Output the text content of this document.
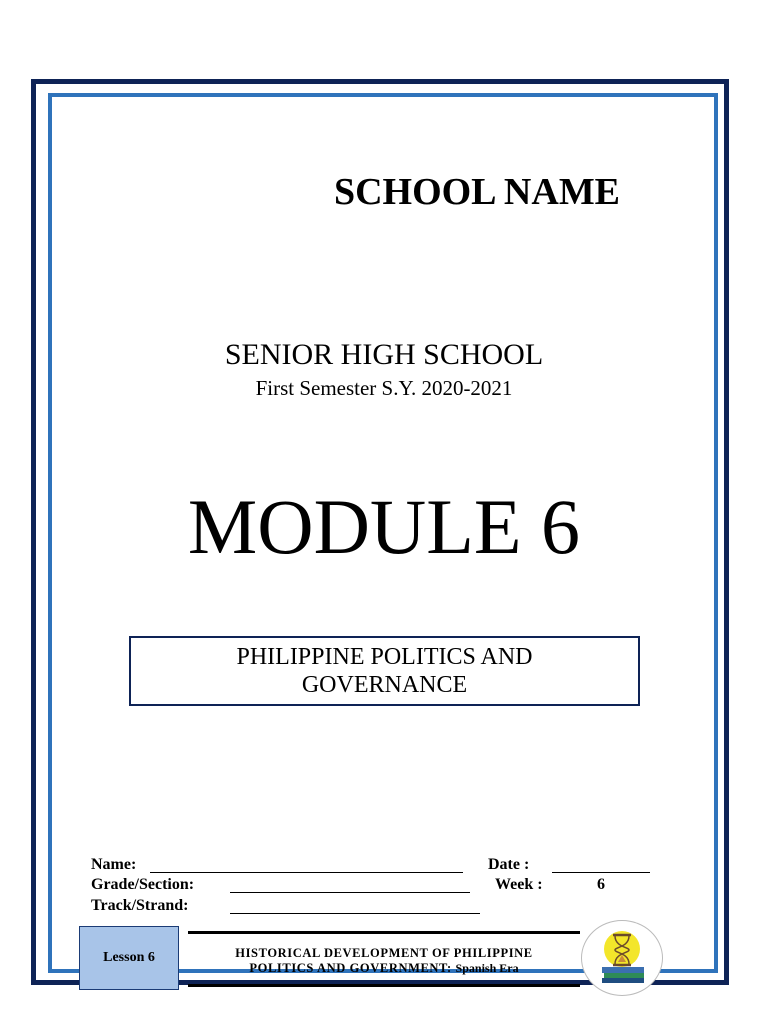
SCHOOL NAME
SENIOR HIGH SCHOOL
First Semester S.Y. 2020-2021
MODULE 6
PHILIPPINE POLITICS AND GOVERNANCE
Name:	Date :
Grade/Section:	Week :	6
Track/Strand:
Lesson 6	HISTORICAL DEVELOPMENT OF PHILIPPINE
POLITICS AND GOVERNMENT: Spanish Era
